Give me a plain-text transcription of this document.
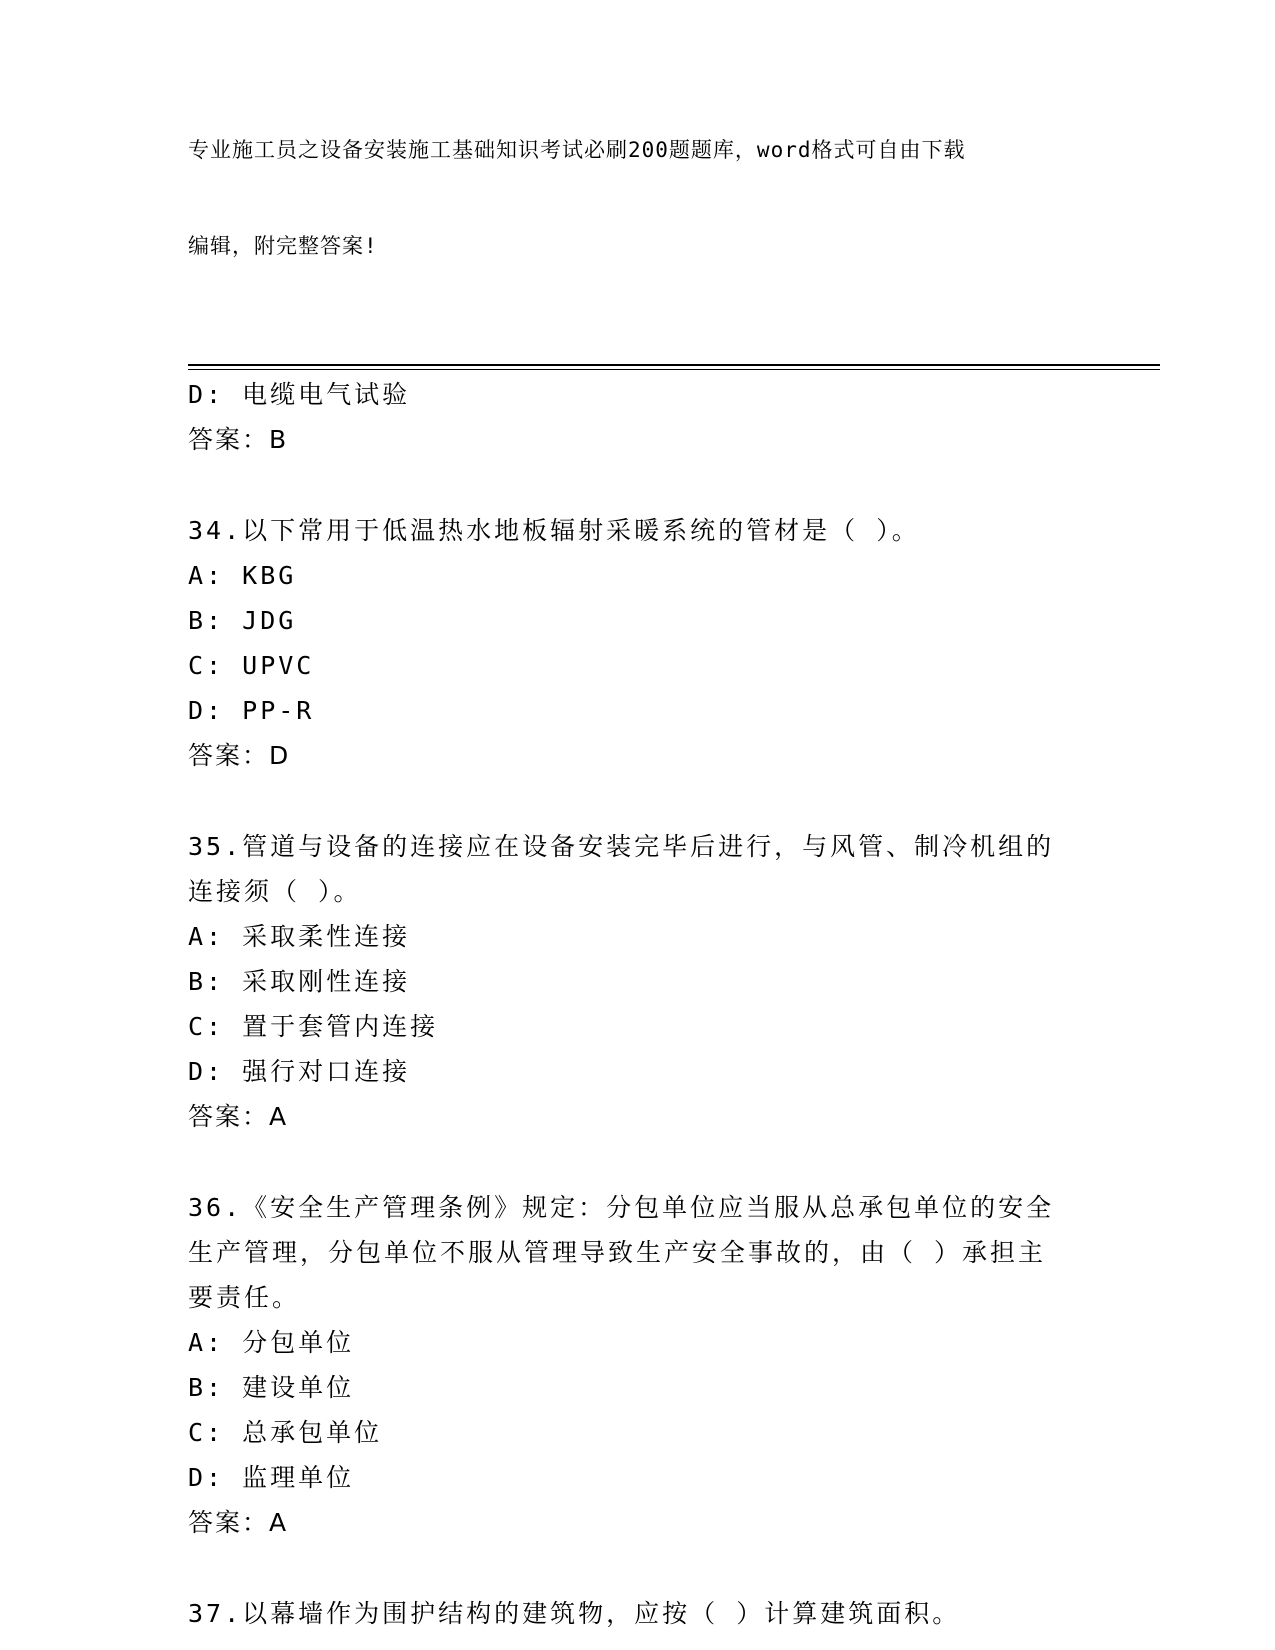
专业施工员之设备安装施工基础知识考试必刷200题题库，word格式可自由下载

编辑，附完整答案!

D: 电缆电气试验
答案：B
34.以下常用于低温热水地板辐射采暖系统的管材是（ ）。
A: KBG
B: JDG
C: UPVC
D: PP-R
答案：D
35.管道与设备的连接应在设备安装完毕后进行，与风管、制冷机组的
连接须（ ）。
A: 采取柔性连接
B: 采取刚性连接
C: 置于套管内连接
D: 强行对口连接
答案：A
36.《安全生产管理条例》规定：分包单位应当服从总承包单位的安全
生产管理，分包单位不服从管理导致生产安全事故的，由（ ）承担主
要责任。
A: 分包单位
B: 建设单位
C: 总承包单位
D: 监理单位
答案：A
37.以幕墙作为围护结构的建筑物，应按（ ）计算建筑面积。
